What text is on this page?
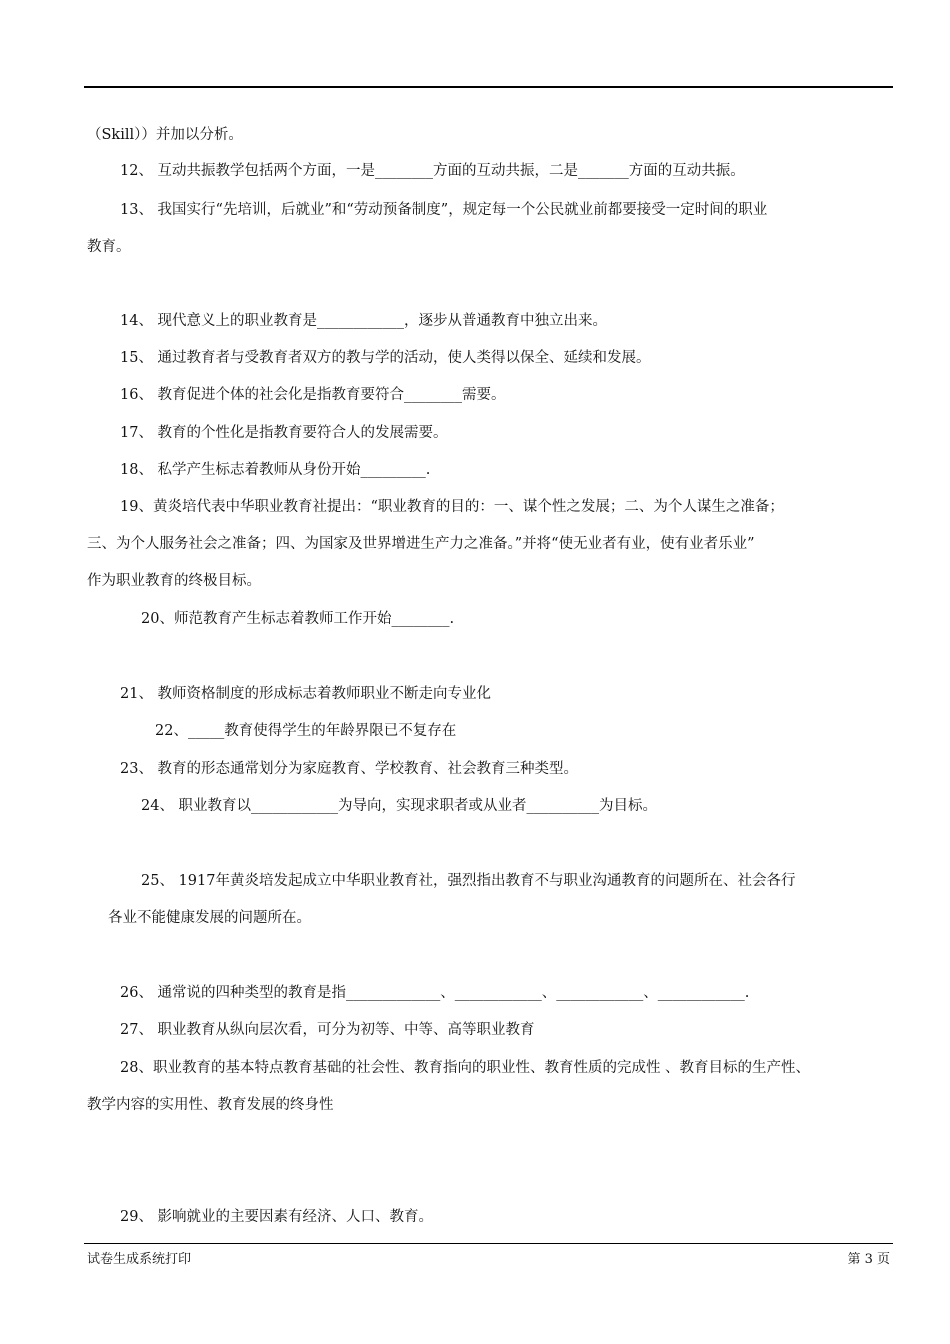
（Skill））并加以分析。
12、 互动共振教学包括两个方面，一是________方面的互动共振，二是_______方面的互动共振。
13、 我国实行“先培训，后就业”和“劳动预备制度”，规定每一个公民就业前都要接受一定时间的职业
教育。
14、 现代意义上的职业教育是____________，逐步从普通教育中独立出来。
15、 通过教育者与受教育者双方的教与学的活动，使人类得以保全、延续和发展。
16、 教育促进个体的社会化是指教育要符合________需要。
17、 教育的个性化是指教育要符合人的发展需要。
18、 私学产生标志着教师从身份开始_________.
19、黄炎培代表中华职业教育社提出：“职业教育的目的：一、谋个性之发展；二、为个人谋生之准备；
三、为个人服务社会之准备；四、为国家及世界增进生产力之准备。”并将“使无业者有业，使有业者乐业”
作为职业教育的终极目标。
20、师范教育产生标志着教师工作开始________.
21、 教师资格制度的形成标志着教师职业不断走向专业化
22、_____教育使得学生的年龄界限已不复存在
23、 教育的形态通常划分为家庭教育、学校教育、社会教育三种类型。
24、 职业教育以____________为导向，实现求职者或从业者__________为目标。
25、 1917年黄炎培发起成立中华职业教育社，强烈指出教育不与职业沟通教育的问题所在、社会各行
各业不能健康发展的问题所在。
26、 通常说的四种类型的教育是指_____________、____________、____________、____________.
27、 职业教育从纵向层次看，可分为初等、中等、高等职业教育
28、职业教育的基本特点教育基础的社会性、教育指向的职业性、教育性质的完成性 、教育目标的生产性、
教学内容的实用性、教育发展的终身性
29、 影响就业的主要因素有经济、人口、教育。
试卷生成系统打印	第 3 页
